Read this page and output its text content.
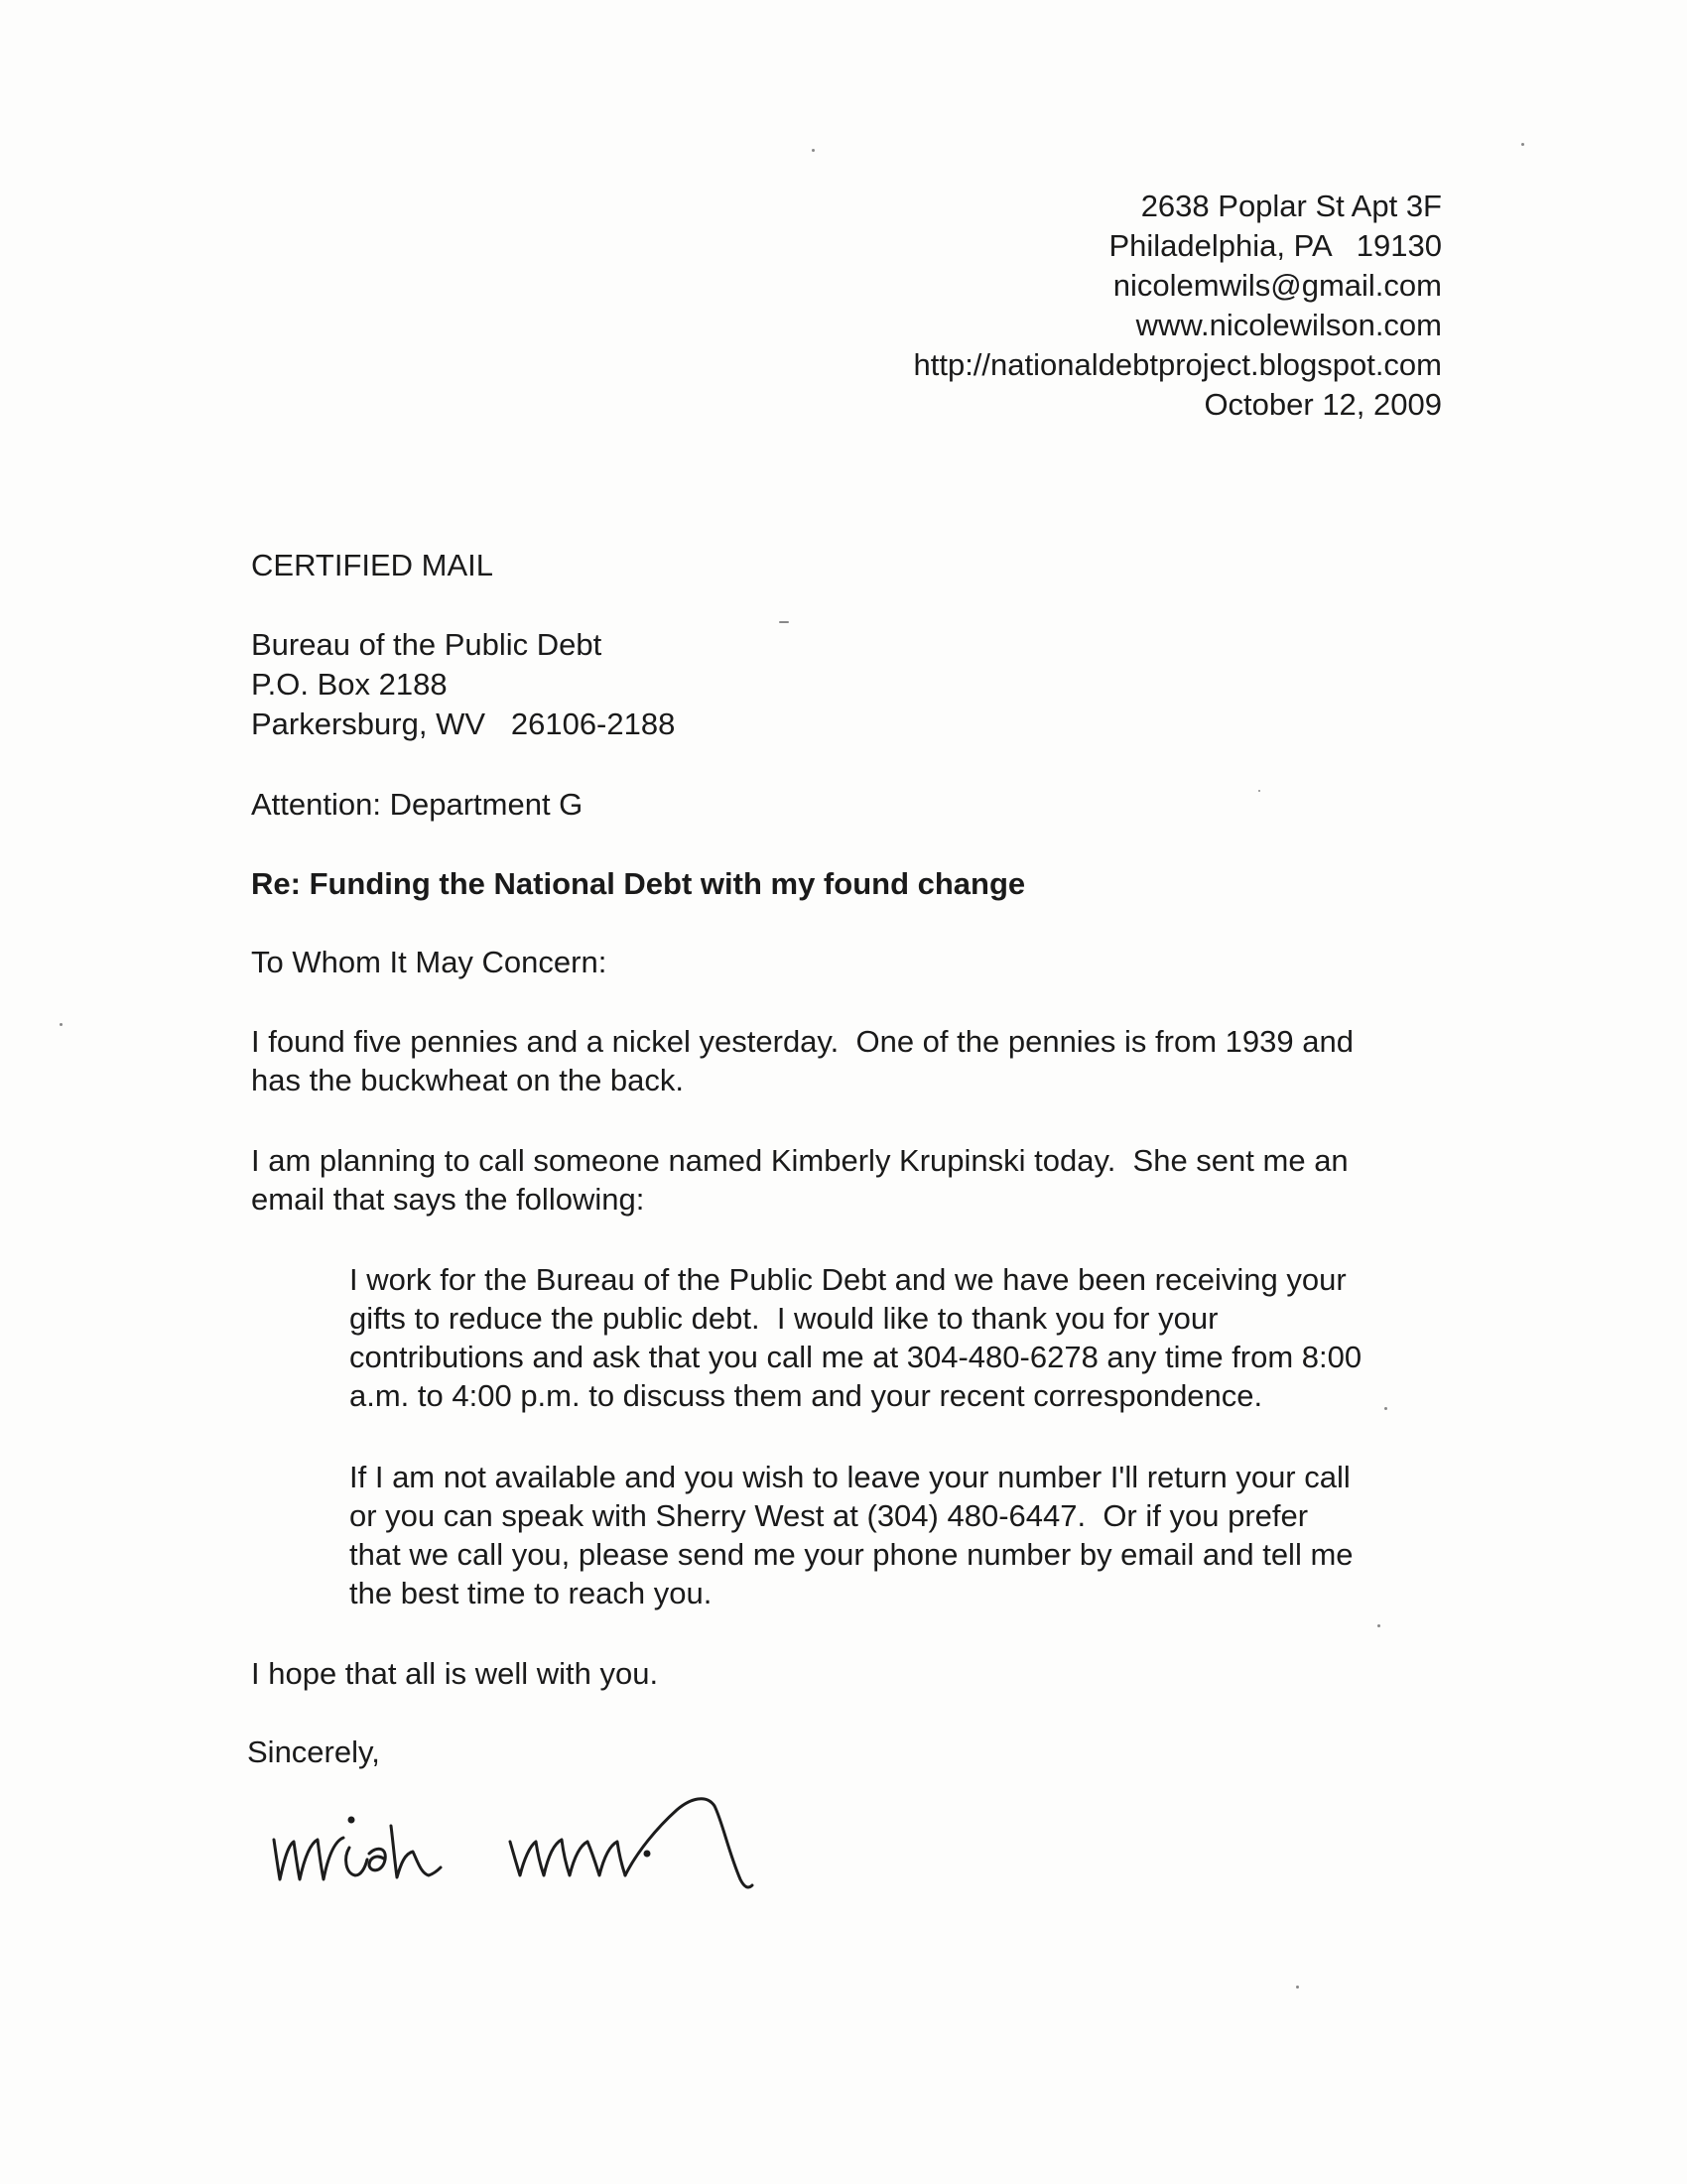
2638 Poplar St Apt 3F
Philadelphia, PA   19130
nicolemwils@gmail.com
www.nicolewilson.com
http://nationaldebtproject.blogspot.com
October 12, 2009
CERTIFIED MAIL
Bureau of the Public Debt
P.O. Box 2188
Parkersburg, WV   26106-2188
Attention: Department G
Re: Funding the National Debt with my found change
To Whom It May Concern:
I found five pennies and a nickel yesterday.  One of the pennies is from 1939 and
has the buckwheat on the back.
I am planning to call someone named Kimberly Krupinski today.  She sent me an
email that says the following:
I work for the Bureau of the Public Debt and we have been receiving your
gifts to reduce the public debt.  I would like to thank you for your
contributions and ask that you call me at 304-480-6278 any time from 8:00
a.m. to 4:00 p.m. to discuss them and your recent correspondence.
If I am not available and you wish to leave your number I'll return your call
or you can speak with Sherry West at (304) 480-6447.  Or if you prefer
that we call you, please send me your phone number by email and tell me
the best time to reach you.
I hope that all is well with you.
Sincerely,
